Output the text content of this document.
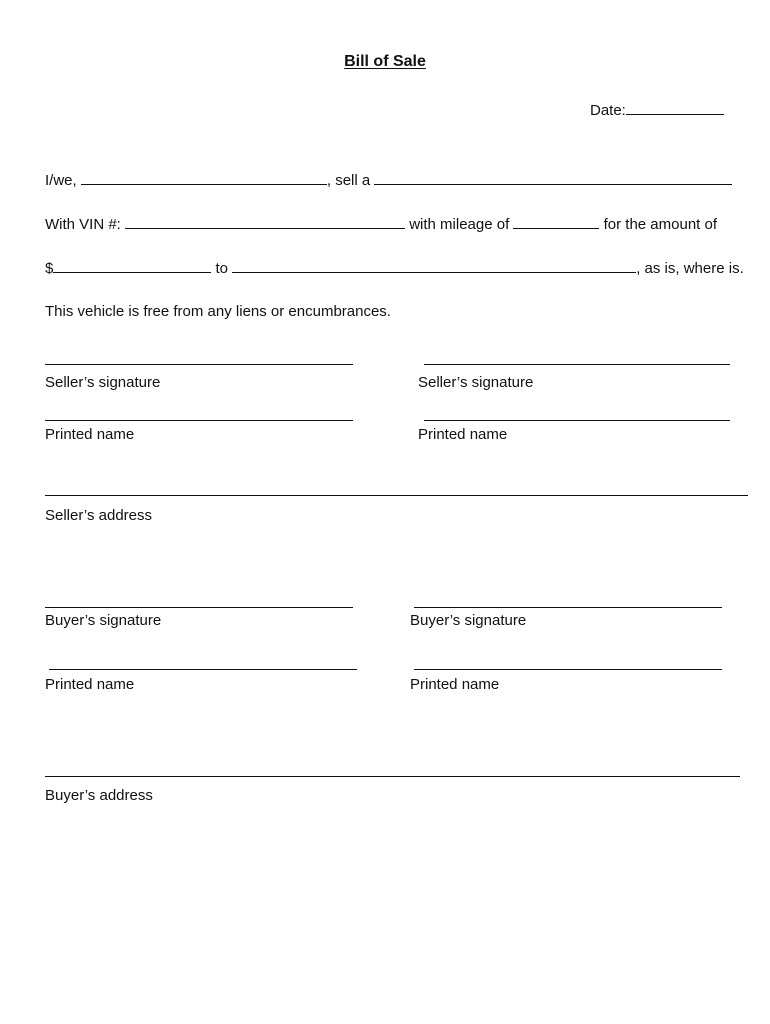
Bill of Sale
Date:
I/we,	, sell a
With VIN #:	with mileage of	for the amount of
$	to	, as is, where is.
This vehicle is free from any liens or encumbrances.
Seller’s signature	Seller’s signature
Printed name	Printed name
Seller’s address
Buyer’s signature	Buyer’s signature
Printed name	Printed name
Buyer’s address
